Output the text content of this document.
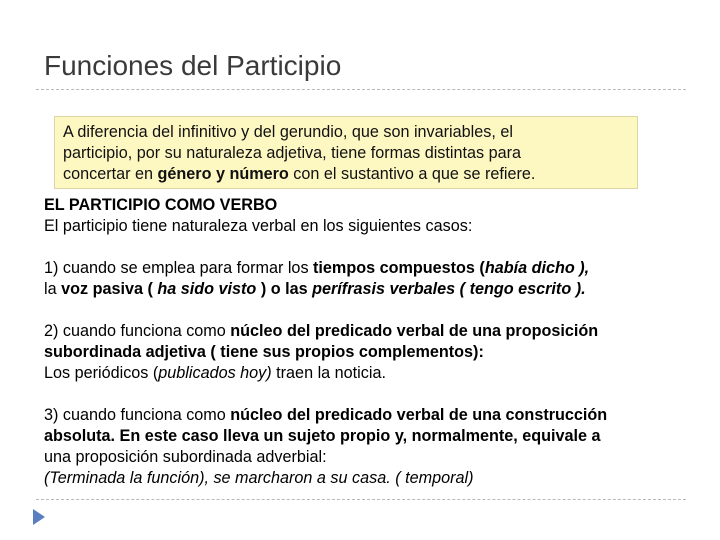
Funciones del Participio
A diferencia del infinitivo y del gerundio, que son invariables, el
participio, por su naturaleza adjetiva, tiene formas distintas para
concertar en género y número con el sustantivo a que se refiere.

EL PARTICIPIO COMO VERBO

El participio tiene naturaleza verbal en los siguientes casos:

1) cuando se emplea para formar los tiempos compuestos (había dicho ),
la voz pasiva ( ha sido visto ) o las perífrasis verbales ( tengo escrito ).

2) cuando funciona como núcleo del predicado verbal de una proposición
subordinada adjetiva ( tiene sus propios complementos):
Los periódicos (publicados hoy) traen la noticia.

3) cuando funciona como núcleo del predicado verbal de una construcción
absoluta. En este caso lleva un sujeto propio y, normalmente, equivale a
una proposición subordinada adverbial:
(Terminada la función), se marcharon a su casa. ( temporal)
